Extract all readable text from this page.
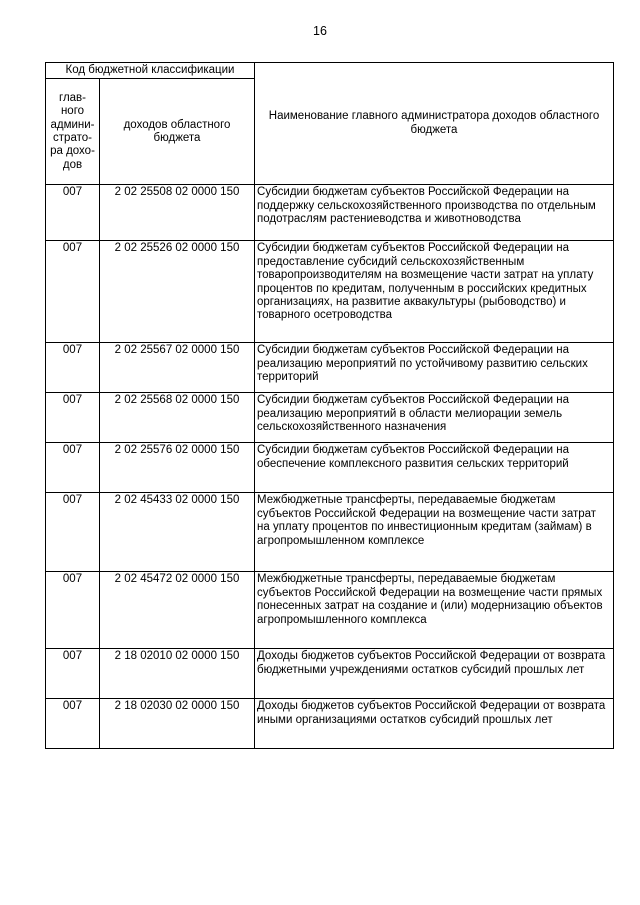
16
Код бюджетной классификации		Наименование главного администратора доходов областного бюджета
глав-ного админи-страто-ра дохо-дов	доходов областного бюджета	
007	2 02 25508 02 0000 150	Субсидии бюджетам субъектов Российской Федерации на поддержку сельскохозяйственного производства по отдельным подотраслям растениеводства и животноводства
007	2 02 25526 02 0000 150	Субсидии бюджетам субъектов Российской Федерации на предоставление субсидий сельскохозяйственным товаропроизводителям на возмещение части затрат на уплату процентов по кредитам, полученным в российских кредитных организациях, на развитие аквакультуры (рыбоводство) и товарного осетроводства
007	2 02 25567 02 0000 150	Субсидии бюджетам субъектов Российской Федерации на реализацию мероприятий по устойчивому развитию сельских территорий
007	2 02 25568 02 0000 150	Субсидии бюджетам субъектов Российской Федерации на реализацию мероприятий в области мелиорации земель сельскохозяйственного назначения
007	2 02 25576 02 0000 150	Субсидии бюджетам субъектов Российской Федерации на обеспечение комплексного развития сельских территорий
007	2 02 45433 02 0000 150	Межбюджетные трансферты, передаваемые бюджетам субъектов Российской Федерации на возмещение части затрат на уплату процентов по инвестиционным кредитам (займам) в агропромышленном комплексе
007	2 02 45472 02 0000 150	Межбюджетные трансферты, передаваемые бюджетам субъектов Российской Федерации на возмещение части прямых понесенных затрат на создание и (или) модернизацию объектов агропромышленного комплекса
007	2 18 02010 02 0000 150	Доходы бюджетов субъектов Российской Федерации от возврата бюджетными учреждениями остатков субсидий прошлых лет
007	2 18 02030 02 0000 150	Доходы бюджетов субъектов Российской Федерации от возврата иными организациями остатков субсидий прошлых лет
